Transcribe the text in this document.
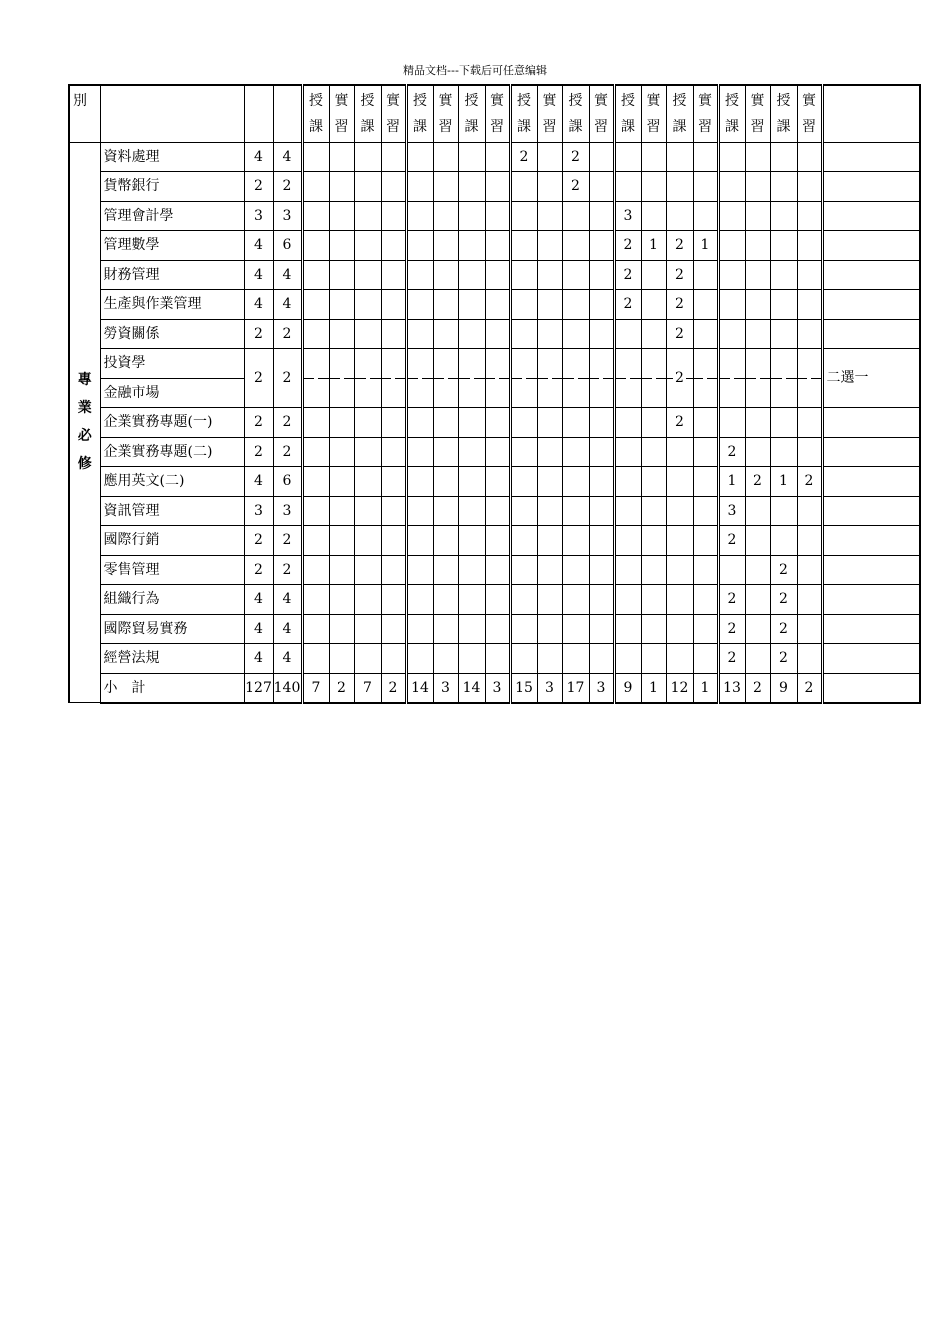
精品文档---下载后可任意编辑
別				授課	實習	授課	實習	授課	實習	授課	實習	授課	實習	授課	實習	授課	實習	授課	實習	授課	實習	授課	實習	

專業必修	資料處理	4	4									2		2										
	貨幣銀行	2	2											2										
	管理會計學	3	3													3								
	管理數學	4	6													2	1	2	1					
	財務管理	4	4													2		2						
	生產與作業管理	4	4													2		2						
	勞資關係	2	2															2						
	投資學	2	2															2						二選一
	金融市場																							
	企業實務專題(一)	2	2															2						
	企業實務專題(二)	2	2																	2				
	應用英文(二)	4	6																	1	2	1	2	
	資訊管理	3	3																	3				
	國際行銷	2	2																	2				
	零售管理	2	2																			2		
	組織行為	4	4																	2		2		
	國際貿易實務	4	4																	2		2		
	經營法規	4	4																	2		2		
	小　計	127	140	7	2	7	2	14	3	14	3	15	3	17	3	9	1	12	1	13	2	9	2	
